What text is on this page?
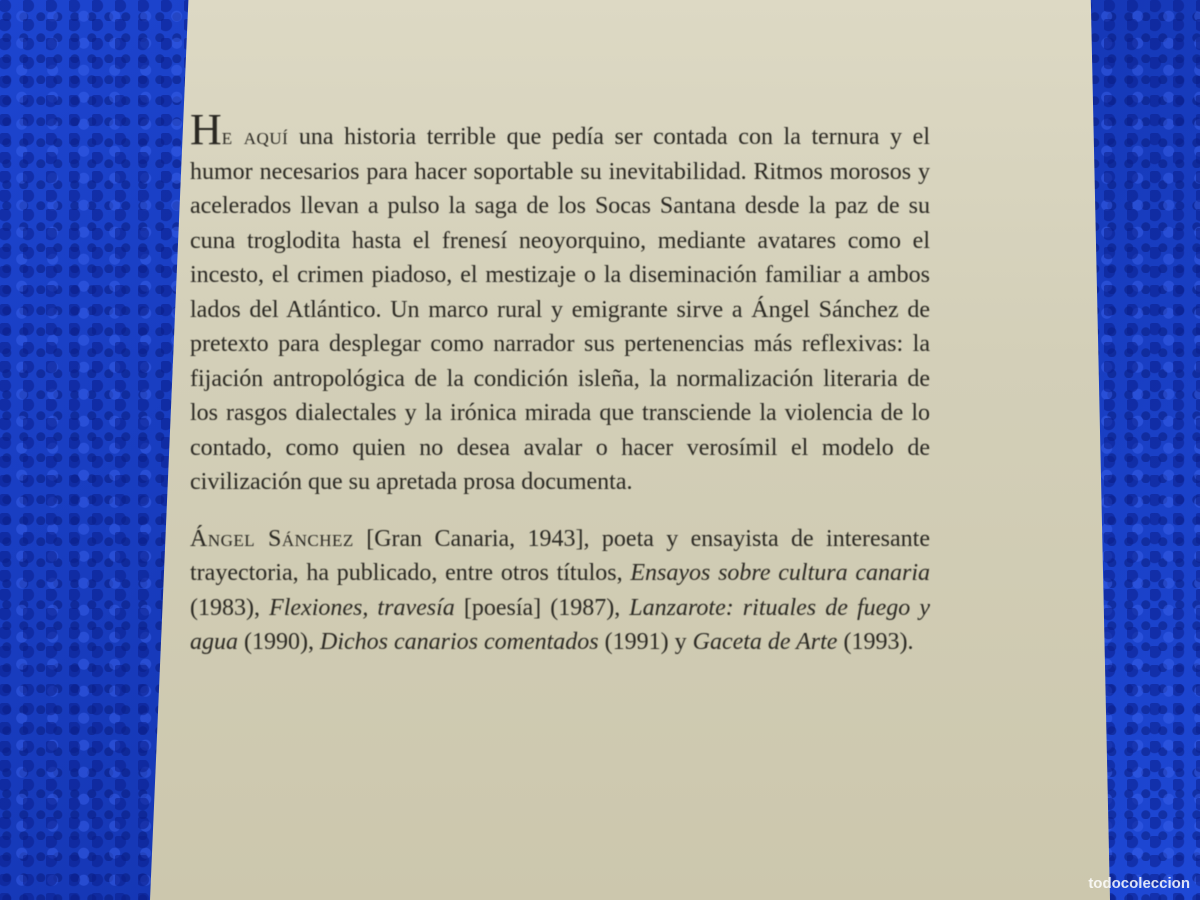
He aquí una historia terrible que pedía ser contada con la ternura y el humor necesarios para hacer soportable su inevitabilidad. Ritmos morosos y acelerados llevan a pulso la saga de los Socas Santana desde la paz de su cuna troglodita hasta el frenesí neoyorquino, mediante avatares como el incesto, el crimen piadoso, el mestizaje o la diseminación familiar a ambos lados del Atlántico. Un marco rural y emigrante sirve a Ángel Sánchez de pretexto para desplegar como narrador sus pertenencias más reflexivas: la fijación antropológica de la condición isleña, la normalización literaria de los rasgos dialectales y la irónica mirada que transciende la violencia de lo contado, como quien no desea avalar o hacer verosímil el modelo de civilización que su apretada prosa documenta.

Ángel Sánchez [Gran Canaria, 1943], poeta y ensayista de interesante trayectoria, ha publicado, entre otros títulos, Ensayos sobre cultura canaria (1983), Flexiones, travesía [poesía] (1987), Lanzarote: rituales de fuego y agua (1990), Dichos canarios comentados (1991) y Gaceta de Arte (1993).

todocoleccion
